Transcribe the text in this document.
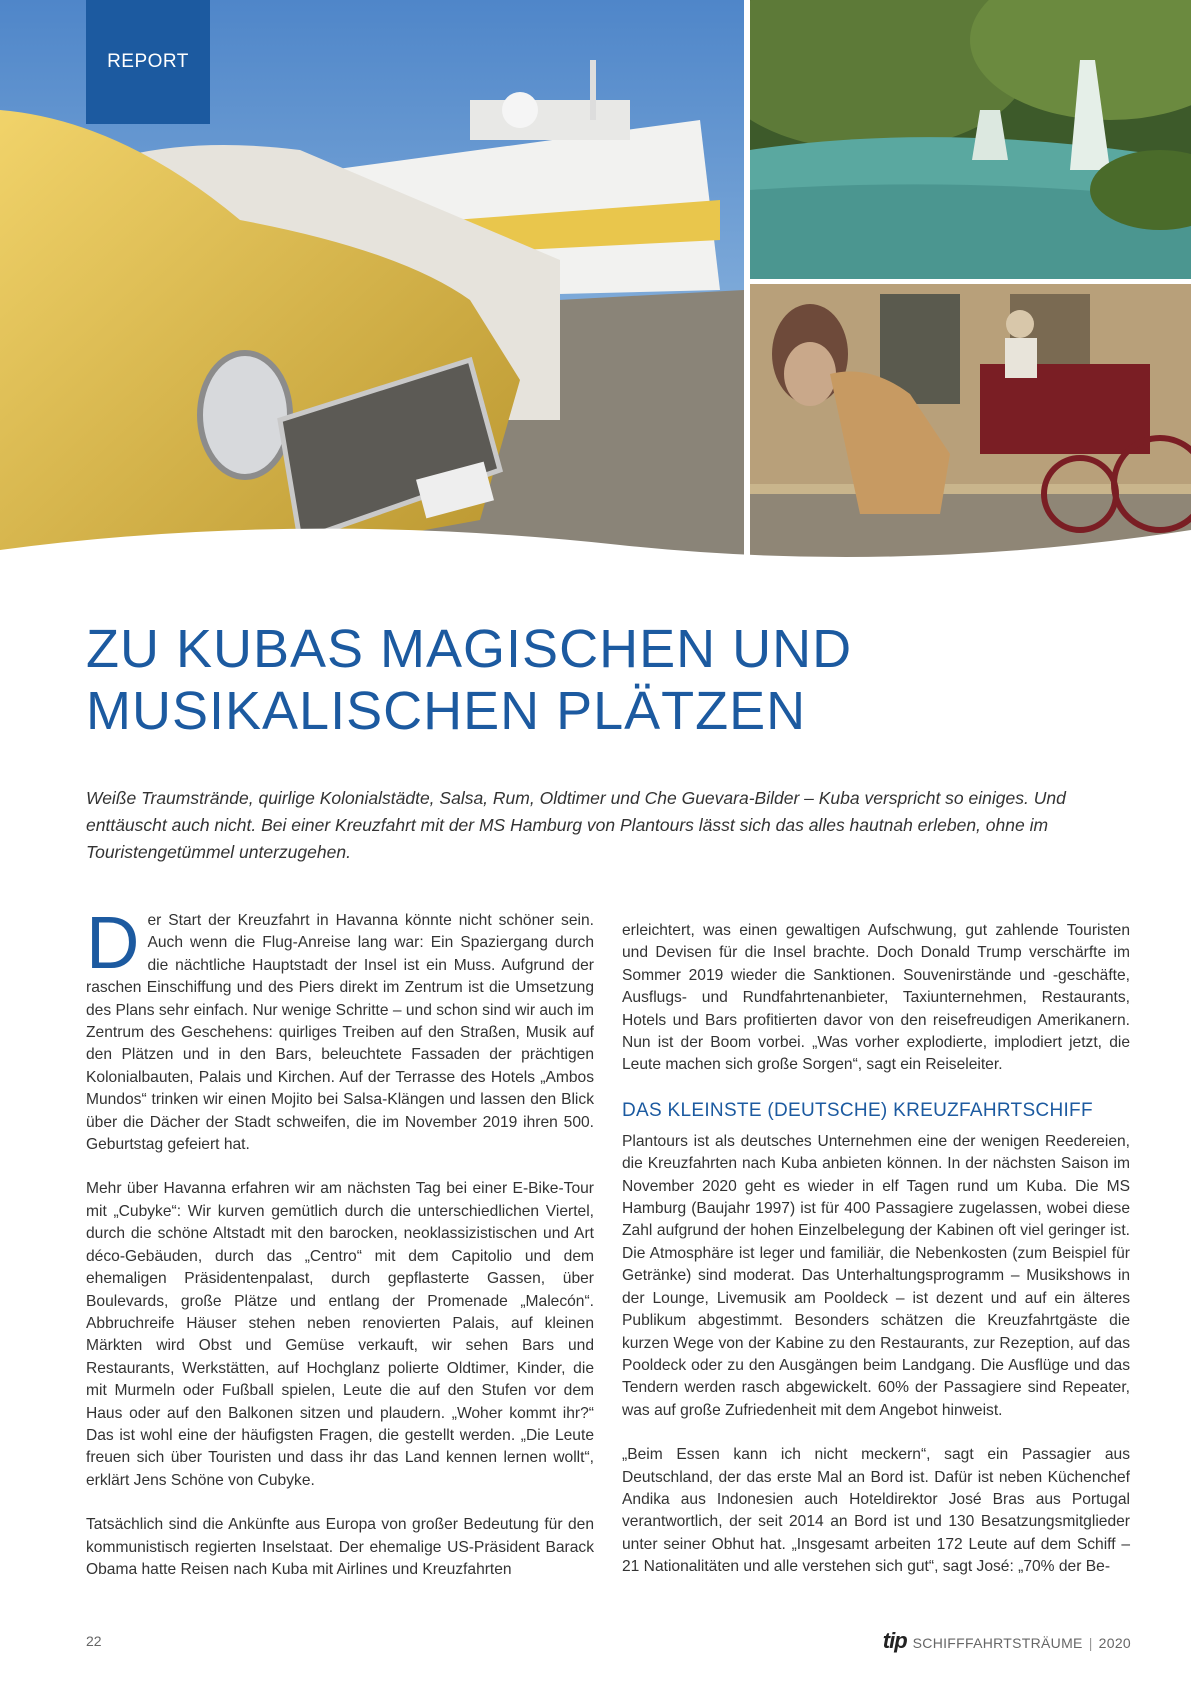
REPORT
ZU KUBAS MAGISCHEN UND
MUSIKALISCHEN PLÄTZEN

Weiße Traumstrände, quirlige Kolonialstädte, Salsa, Rum, Oldtimer und Che Guevara-Bilder – Kuba verspricht so einiges. Und enttäuscht auch nicht. Bei einer Kreuzfahrt mit der MS Hamburg von Plantours lässt sich das alles hautnah erleben, ohne im Touristengetümmel unterzugehen.

Der Start der Kreuzfahrt in Havanna könnte nicht schöner sein. Auch wenn die Flug-Anreise lang war: Ein Spaziergang durch die nächtliche Hauptstadt der Insel ist ein Muss. Aufgrund der raschen Einschiffung und des Piers direkt im Zentrum ist die Umsetzung des Plans sehr einfach. Nur wenige Schritte – und schon sind wir auch im Zentrum des Geschehens: quirliges Treiben auf den Straßen, Musik auf den Plätzen und in den Bars, beleuchtete Fassaden der prächtigen Kolonialbauten, Palais und Kirchen. Auf der Terrasse des Hotels „Ambos Mundos“ trinken wir einen Mojito bei Salsa-Klängen und lassen den Blick über die Dächer der Stadt schweifen, die im November 2019 ihren 500. Geburtstag gefeiert hat.

Mehr über Havanna erfahren wir am nächsten Tag bei einer E-Bike-Tour mit „Cubyke“: Wir kurven gemütlich durch die unterschiedlichen Viertel, durch die schöne Altstadt mit den barocken, neoklassizistischen und Art déco-Gebäuden, durch das „Centro“ mit dem Capitolio und dem ehemaligen Präsidentenpalast, durch gepflasterte Gassen, über Boulevards, große Plätze und entlang der Promenade „Malecón“. Abbruchreife Häuser stehen neben renovierten Palais, auf kleinen Märkten wird Obst und Gemüse verkauft, wir sehen Bars und Restaurants, Werkstätten, auf Hochglanz polierte Oldtimer, Kinder, die mit Murmeln oder Fußball spielen, Leute die auf den Stufen vor dem Haus oder auf den Balkonen sitzen und plaudern. „Woher kommt ihr?“ Das ist wohl eine der häufigsten Fragen, die gestellt werden. „Die Leute freuen sich über Touristen und dass ihr das Land kennen lernen wollt“, erklärt Jens Schöne von Cubyke.

Tatsächlich sind die Ankünfte aus Europa von großer Bedeutung für den kommunistisch regierten Inselstaat. Der ehemalige US-Präsident Barack Obama hatte Reisen nach Kuba mit Airlines und Kreuzfahrten

erleichtert, was einen gewaltigen Aufschwung, gut zahlende Touristen und Devisen für die Insel brachte. Doch Donald Trump verschärfte im Sommer 2019 wieder die Sanktionen. Souvenirstände und -geschäfte, Ausflugs- und Rundfahrtenanbieter, Taxiunternehmen, Restaurants, Hotels und Bars profitierten davor von den reisefreudigen Amerikanern. Nun ist der Boom vorbei. „Was vorher explodierte, implodiert jetzt, die Leute machen sich große Sorgen“, sagt ein Reiseleiter.

DAS KLEINSTE (DEUTSCHE) KREUZFAHRTSCHIFF

Plantours ist als deutsches Unternehmen eine der wenigen Reedereien, die Kreuzfahrten nach Kuba anbieten können. In der nächsten Saison im November 2020 geht es wieder in elf Tagen rund um Kuba. Die MS Hamburg (Baujahr 1997) ist für 400 Passagiere zugelassen, wobei diese Zahl aufgrund der hohen Einzelbelegung der Kabinen oft viel geringer ist. Die Atmosphäre ist leger und familiär, die Nebenkosten (zum Beispiel für Getränke) sind moderat. Das Unterhaltungsprogramm – Musikshows in der Lounge, Livemusik am Pooldeck – ist dezent und auf ein älteres Publikum abgestimmt. Besonders schätzen die Kreuzfahrtgäste die kurzen Wege von der Kabine zu den Restaurants, zur Rezeption, auf das Pooldeck oder zu den Ausgängen beim Landgang. Die Ausflüge und das Tendern werden rasch abgewickelt. 60% der Passagiere sind Repeater, was auf große Zufriedenheit mit dem Angebot hinweist.

„Beim Essen kann ich nicht meckern“, sagt ein Passagier aus Deutschland, der das erste Mal an Bord ist. Dafür ist neben Küchenchef Andika aus Indonesien auch Hoteldirektor José Bras aus Portugal verantwortlich, der seit 2014 an Bord ist und 130 Besatzungsmitglieder unter seiner Obhut hat. „Insgesamt arbeiten 172 Leute auf dem Schiff – 21 Nationalitäten und alle verstehen sich gut“, sagt José: „70% der Be-

22	tip SCHIFFFAHRTSTRÄUME | 2020
